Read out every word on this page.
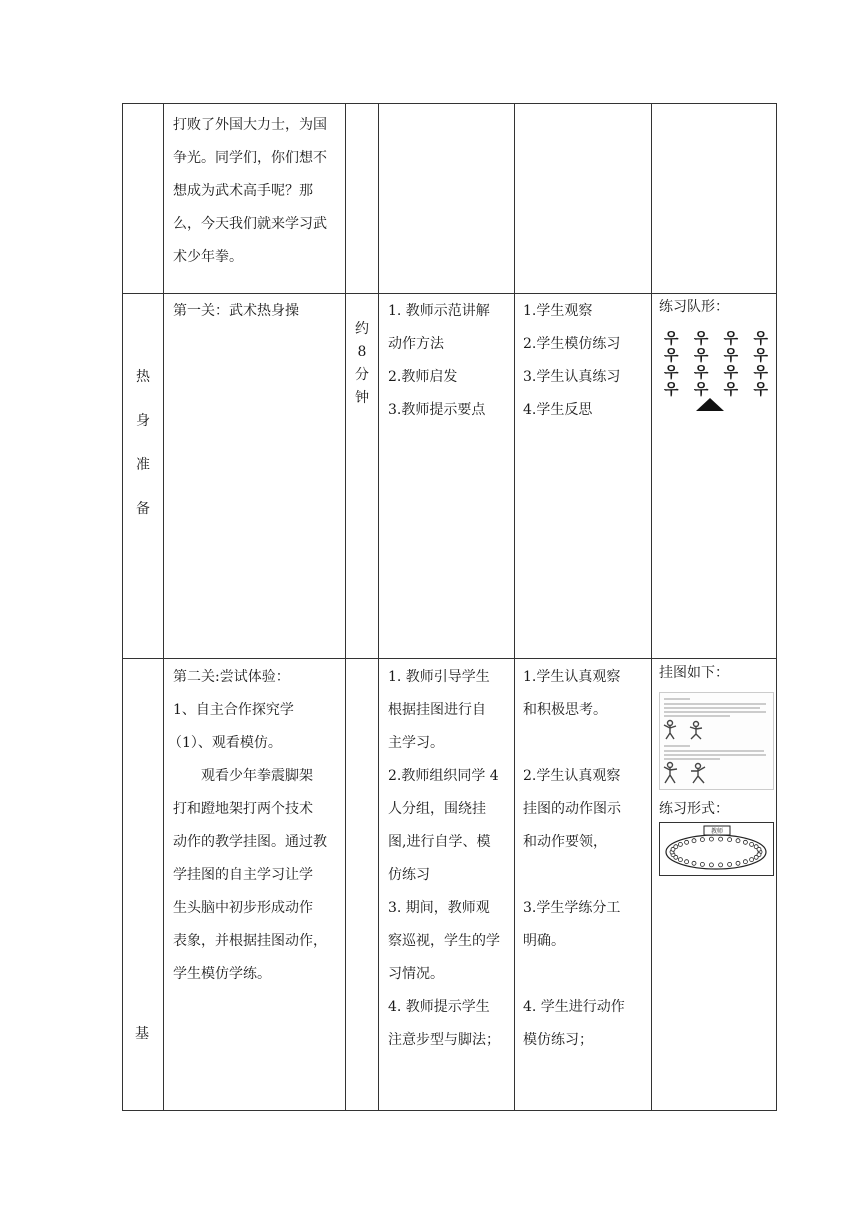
打败了外国大力士，为国

争光。同学们，你们想不

想成为武术高手呢？那

么，今天我们就来学习武

术少年拳。

热
身
准
备

第一关：武术热身操

约
8
分
钟

1. 教师示范讲解

动作方法

2.教师启发

3.教师提示要点

1.学生观察

2.学生模仿练习

3.学生认真练习

4.学生反思

练习队形：
우 우 우 우
우 우 우 우
우 우 우 우
우 우 우 우

基

第二关:尝试体验：

1、自主合作探究学

（1）、观看模仿。

观看少年拳震脚架

打和蹬地架打两个技术

动作的教学挂图。通过教

学挂图的自主学习让学

生头脑中初步形成动作

表象，并根据挂图动作，

学生模仿学练。

1. 教师引导学生

根据挂图进行自

主学习。

2.教师组织同学 4

人分组，围绕挂

图,进行自学、模

仿练习

3. 期间，教师观

察巡视，学生的学

习情况。

4. 教师提示学生

注意步型与脚法；

1.学生认真观察

和积极思考。

2.学生认真观察

挂图的动作图示

和动作要领，

3.学生学练分工

明确。

4. 学生进行动作

模仿练习；

挂图如下：
练习形式：
教师
